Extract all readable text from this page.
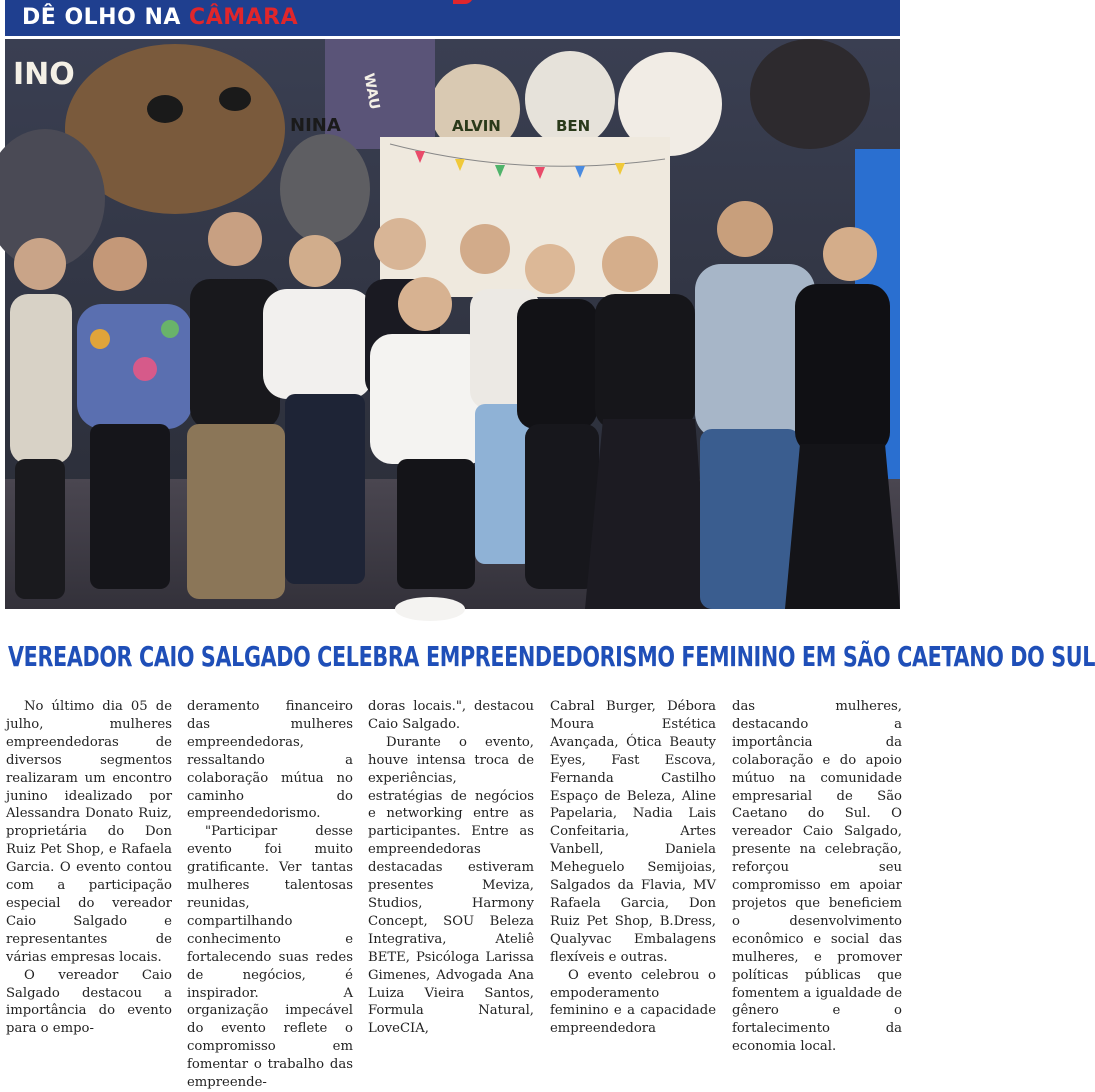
DÊ OLHO NA CÂMARA
INO
NINA
WAU
ALVIN	BEN
VEREADOR CAIO SALGADO CELEBRA EMPREENDEDORISMO FEMININO EM SÃO CAETANO DO SUL

No último dia 05 de julho, mulheres empreendedoras de diversos segmentos realizaram um encontro junino idealizado por Alessandra Donato Ruiz, proprietária do Don Ruiz Pet Shop, e Rafaela Garcia. O evento contou com a participação especial do vereador Caio Salgado e representantes de várias empresas locais.

O vereador Caio Salgado destacou a importância do evento para o empo-

deramento financeiro das mulheres empreendedoras, ressaltando a colaboração mútua no caminho do empreendedorismo.

"Participar desse evento foi muito gratificante. Ver tantas mulheres talentosas reunidas, compartilhando conhecimento e fortalecendo suas redes de negócios, é inspirador. A organização impecável do evento reflete o compromisso em fomentar o trabalho das empreende-

doras locais.", destacou Caio Salgado.

Durante o evento, houve intensa troca de experiências, estratégias de negócios e networking entre as participantes. Entre as empreendedoras destacadas estiveram presentes Meviza, Studios, Harmony Concept, SOU Beleza Integrativa, Ateliê BETE, Psicóloga Larissa Gimenes, Advogada Ana Luiza Vieira Santos, Formula Natural, LoveCIA,

Cabral Burger, Débora Moura Estética Avançada, Ótica Beauty Eyes, Fast Escova, Fernanda Castilho Espaço de Beleza, Aline Papelaria, Nadia Lais Confeitaria, Artes Vanbell, Daniela Meheguelo Semijoias, Salgados da Flavia, MV Rafaela Garcia, Don Ruiz Pet Shop, B.Dress, Qualyvac Embalagens flexíveis e outras.

O evento celebrou o empoderamento feminino e a capacidade empreendedora

das mulheres, destacando a importância da colaboração e do apoio mútuo na comunidade empresarial de São Caetano do Sul. O vereador Caio Salgado, presente na celebração, reforçou seu compromisso em apoiar projetos que beneficiem o desenvolvimento econômico e social das mulheres, e promover políticas públicas que fomentem a igualdade de gênero e o fortalecimento da economia local.
